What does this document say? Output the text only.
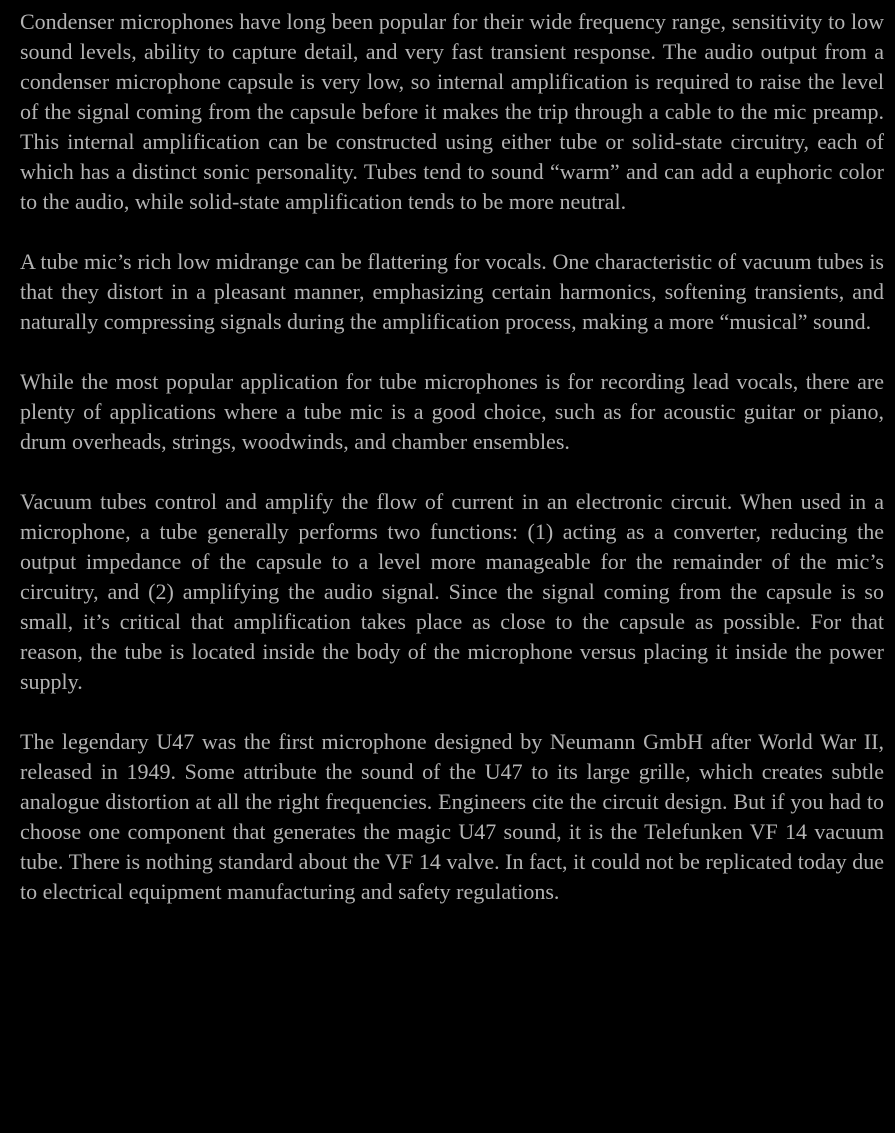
Condenser microphones have long been popular for their wide frequency range, sensitivity to low sound levels, ability to capture detail, and very fast transient response. The audio output from a condenser microphone capsule is very low, so internal amplification is required to raise the level of the signal coming from the capsule before it makes the trip through a cable to the mic preamp. This internal amplification can be constructed using either tube or solid-state circuitry, each of which has a distinct sonic personality. Tubes tend to sound “warm” and can add a euphoric color to the audio, while solid-state amplification tends to be more neutral.

A tube mic’s rich low midrange can be flattering for vocals. One characteristic of vacuum tubes is that they distort in a pleasant manner, emphasizing certain harmonics, softening transients, and naturally compressing signals during the amplification process, making a more “musical” sound.

While the most popular application for tube microphones is for recording lead vocals, there are plenty of applications where a tube mic is a good choice, such as for acoustic guitar or piano, drum overheads, strings, woodwinds, and chamber ensembles.

Vacuum tubes control and amplify the flow of current in an electronic circuit. When used in a microphone, a tube generally performs two functions: (1) acting as a converter, reducing the output impedance of the capsule to a level more manageable for the remainder of the mic’s circuitry, and (2) amplifying the audio signal. Since the signal coming from the capsule is so small, it’s critical that amplification takes place as close to the capsule as possible. For that reason, the tube is located inside the body of the microphone versus placing it inside the power supply.

The legendary U47 was the first microphone designed by Neumann GmbH after World War II, released in 1949. Some attribute the sound of the U47 to its large grille, which creates subtle analogue distortion at all the right frequencies. Engineers cite the circuit design. But if you had to choose one component that generates the magic U47 sound, it is the Telefunken VF 14 vacuum tube. There is nothing standard about the VF 14 valve. In fact, it could not be replicated today due to electrical equipment manufacturing and safety regulations.
